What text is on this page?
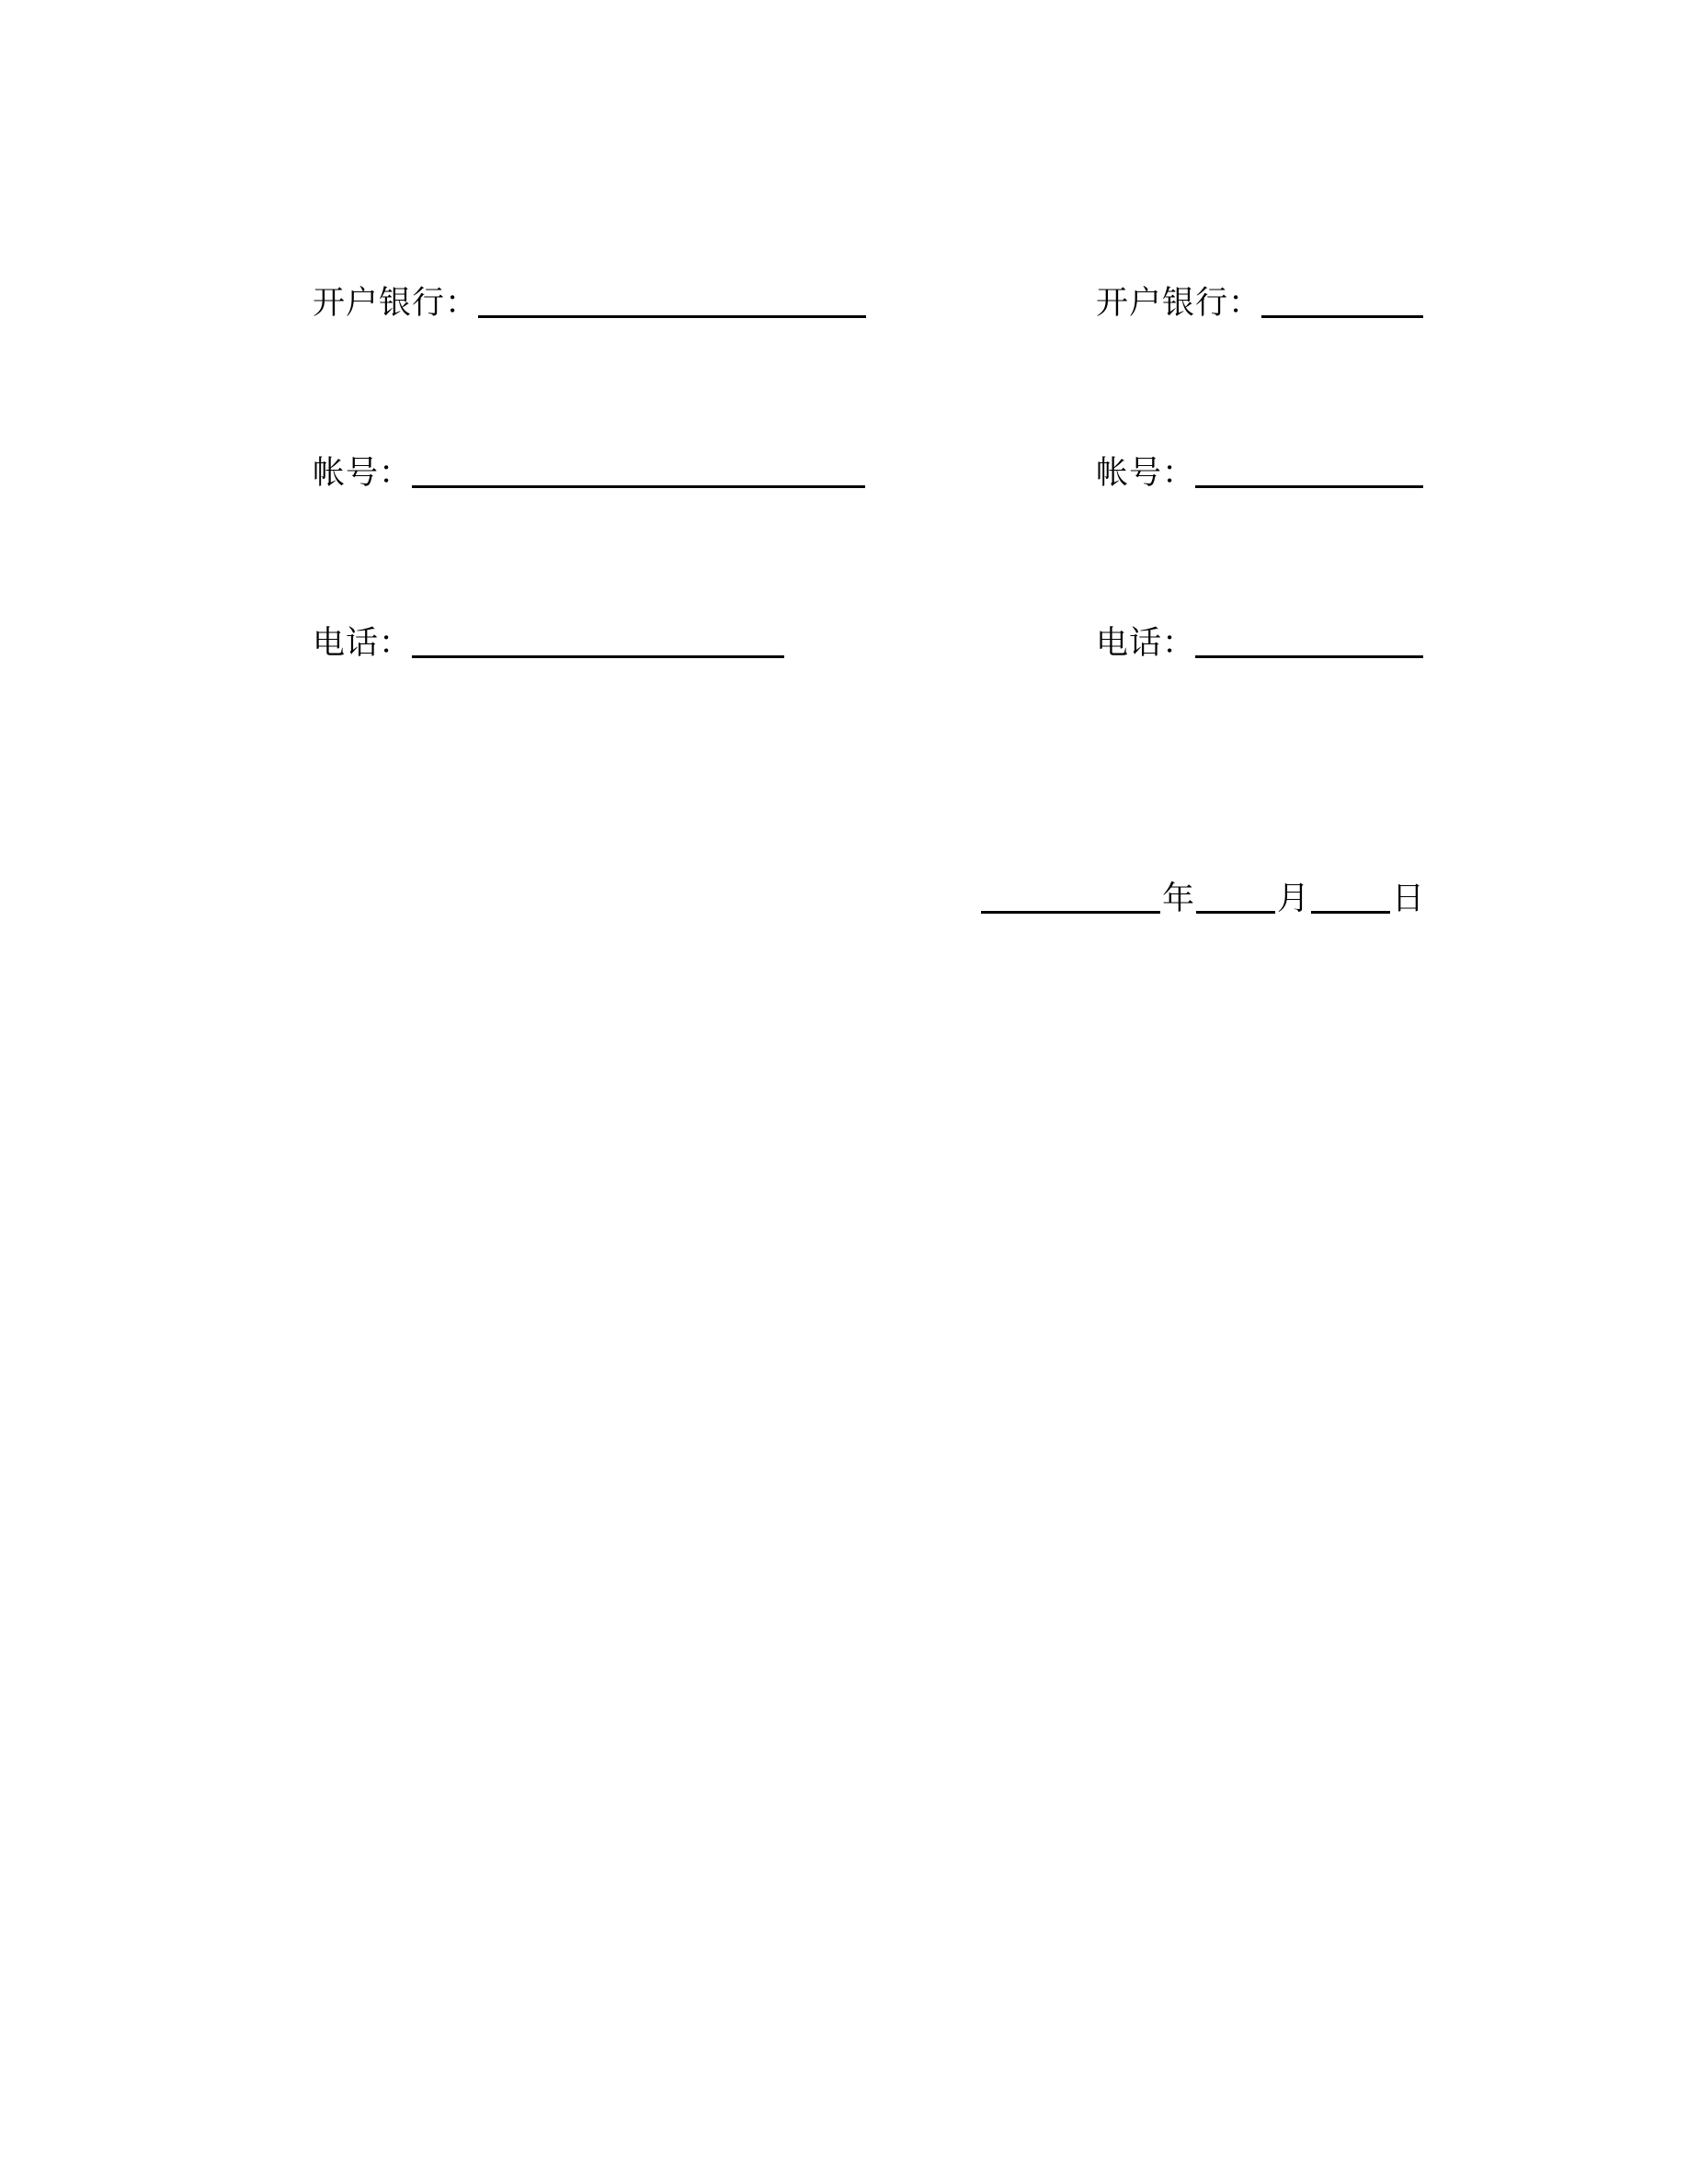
开户银行：
帐号：
电话：
开户银行：
帐号：
电话：
年	月	日
